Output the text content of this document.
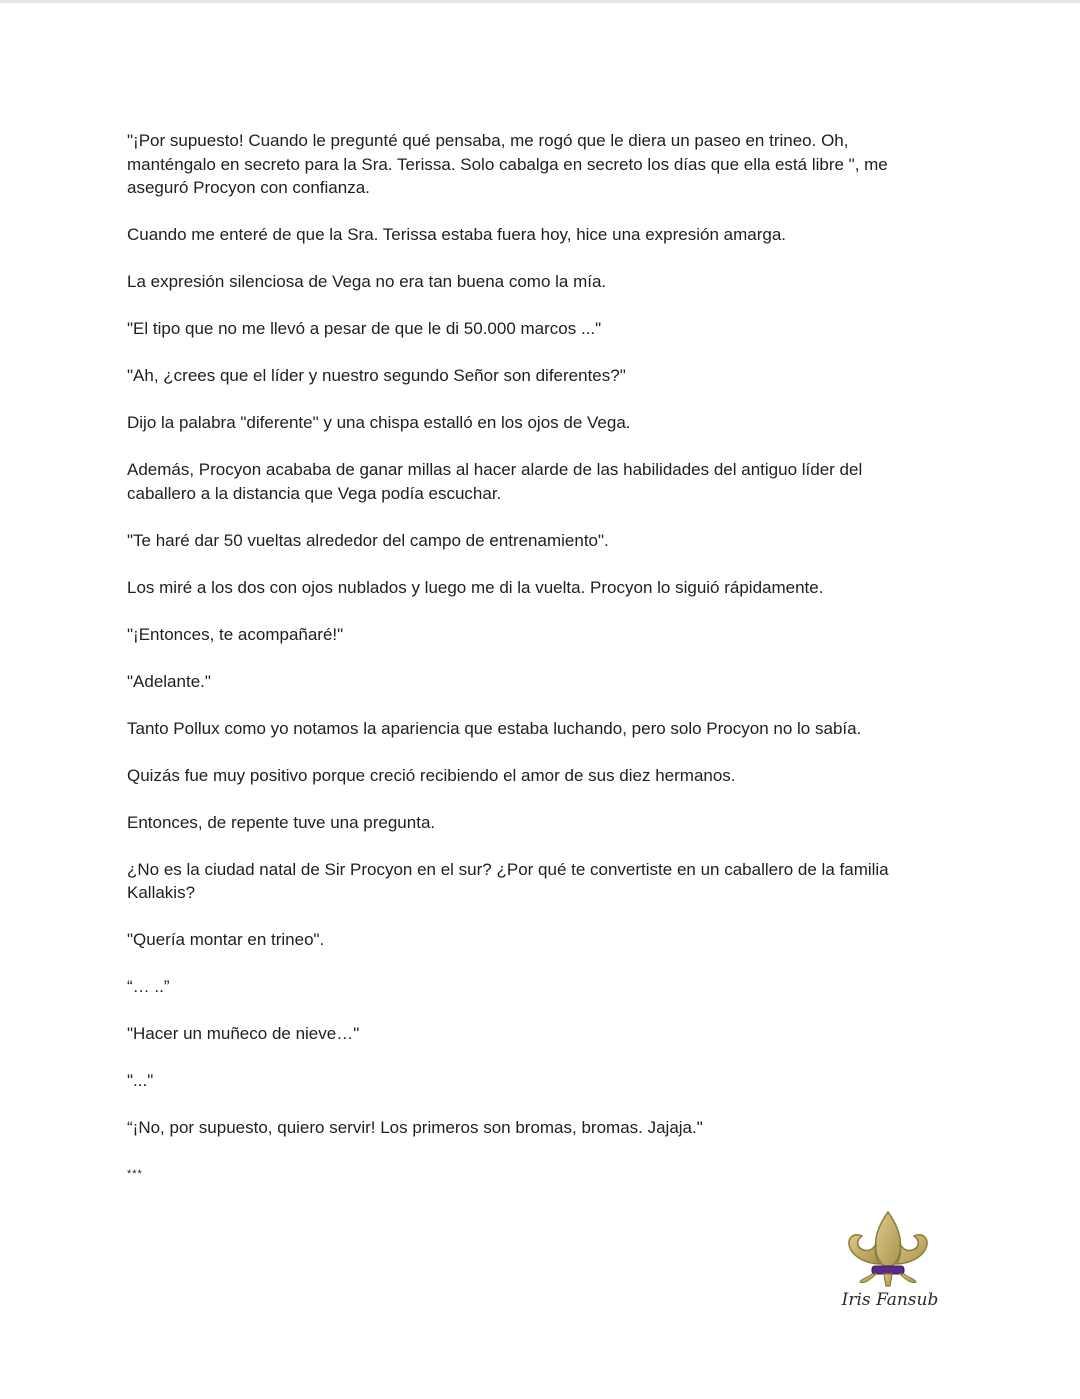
"¡Por supuesto! Cuando le pregunté qué pensaba, me rogó que le diera un paseo en trineo. Oh, manténgalo en secreto para la Sra. Terissa. Solo cabalga en secreto los días que ella está libre ", me aseguró Procyon con confianza.

Cuando me enteré de que la Sra. Terissa estaba fuera hoy, hice una expresión amarga.

La expresión silenciosa de Vega no era tan buena como la mía.

"El tipo que no me llevó a pesar de que le di 50.000 marcos ..."

"Ah, ¿crees que el líder y nuestro segundo Señor son diferentes?"

Dijo la palabra "diferente" y una chispa estalló en los ojos de Vega.

Además, Procyon acababa de ganar millas al hacer alarde de las habilidades del antiguo líder del caballero a la distancia que Vega podía escuchar.

"Te haré dar 50 vueltas alrededor del campo de entrenamiento".

Los miré a los dos con ojos nublados y luego me di la vuelta. Procyon lo siguió rápidamente.

"¡Entonces, te acompañaré!"

"Adelante."

Tanto Pollux como yo notamos la apariencia que estaba luchando, pero solo Procyon no lo sabía.

Quizás fue muy positivo porque creció recibiendo el amor de sus diez hermanos.

Entonces, de repente tuve una pregunta.

¿No es la ciudad natal de Sir Procyon en el sur? ¿Por qué te convertiste en un caballero de la familia Kallakis?

"Quería montar en trineo".

“… ..”

"Hacer un muñeco de nieve…"

"..."

“¡No, por supuesto, quiero servir! Los primeros son bromas, bromas. Jajaja."

***

Iris Fansub
